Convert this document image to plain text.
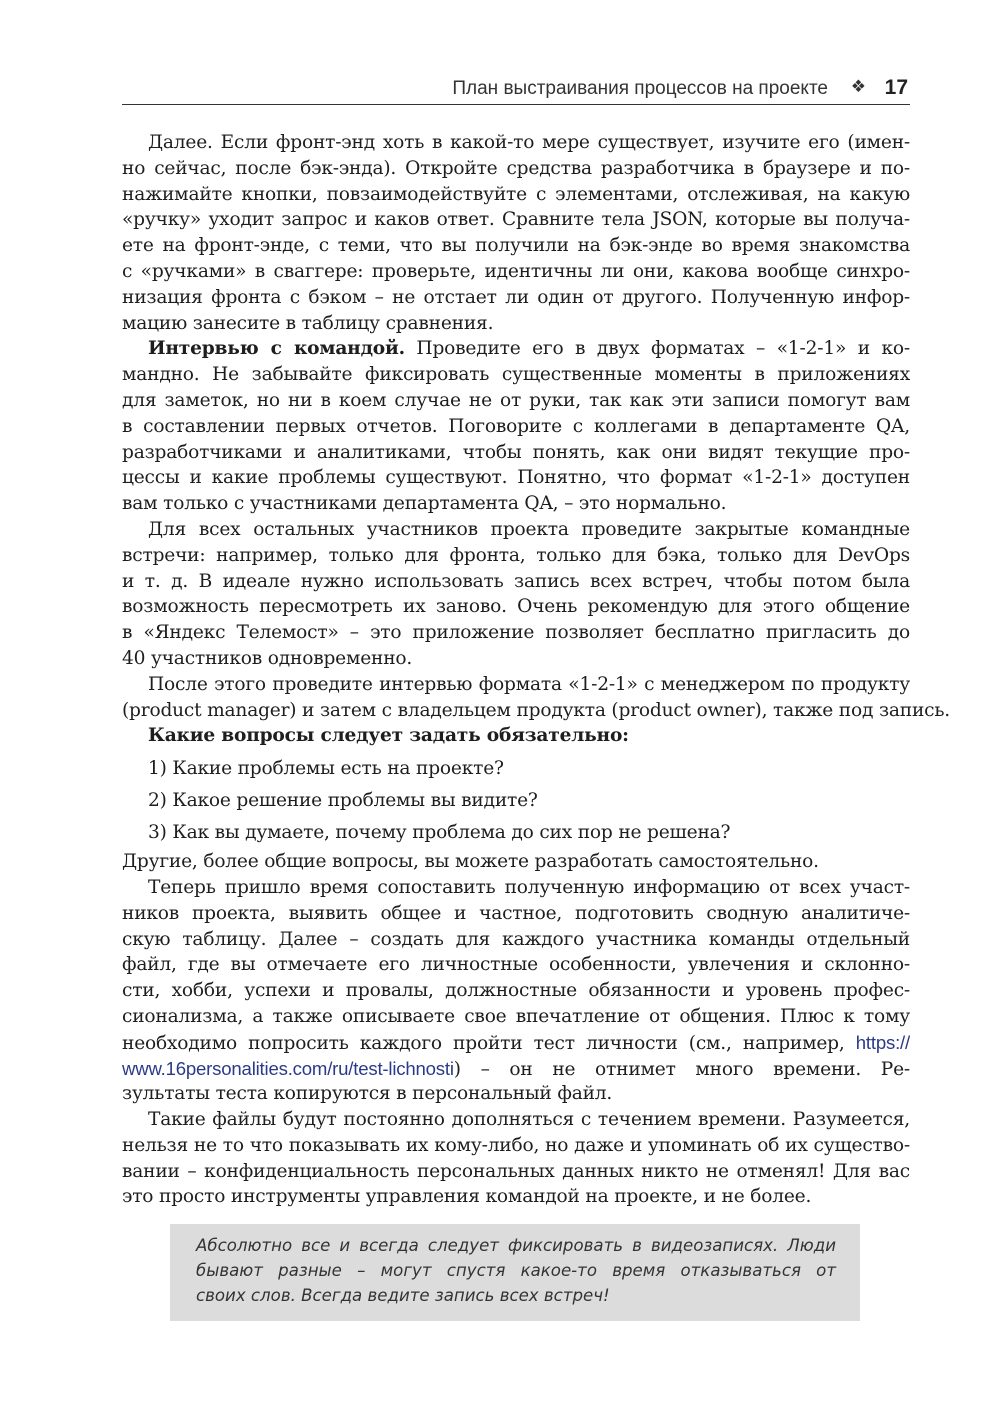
План выстраивания процессов на проекте ❖ 17
Далее. Если фронт-энд хоть в какой-то мере существует, изучите его (имен-
но сейчас, после бэк-энда). Откройте средства разработчика в браузере и по-
нажимайте кнопки, повзаимодействуйте с элементами, отслеживая, на какую
«ручку» уходит запрос и каков ответ. Сравните тела JSON, которые вы получа-
ете на фронт-энде, с теми, что вы получили на бэк-энде во время знакомства
с «ручками» в сваггере: проверьте, идентичны ли они, какова вообще синхро-
низация фронта с бэком – не отстает ли один от другого. Полученную инфор-
мацию занесите в таблицу сравнения.
Интервью с командой. Проведите его в двух форматах – «1-2-1» и ко-
мандно. Не забывайте фиксировать существенные моменты в приложениях
для заметок, но ни в коем случае не от руки, так как эти записи помогут вам
в составлении первых отчетов. Поговорите с коллегами в департаменте QA,
разработчиками и аналитиками, чтобы понять, как они видят текущие про-
цессы и какие проблемы существуют. Понятно, что формат «1-2-1» доступен
вам только с участниками департамента QA, – это нормально.
Для всех остальных участников проекта проведите закрытые командные
встречи: например, только для фронта, только для бэка, только для DevOps
и т. д. В идеале нужно использовать запись всех встреч, чтобы потом была
возможность пересмотреть их заново. Очень рекомендую для этого общение
в «Яндекс Телемост» – это приложение позволяет бесплатно пригласить до
40 участников одновременно.
После этого проведите интервью формата «1-2-1» с менеджером по продукту
(product manager) и затем с владельцем продукта (product owner), также под запись.
Какие вопросы следует задать обязательно:
1) Какие проблемы есть на проекте?
2) Какое решение проблемы вы видите?
3) Как вы думаете, почему проблема до сих пор не решена?
Другие, более общие вопросы, вы можете разработать самостоятельно.
Теперь пришло время сопоставить полученную информацию от всех участ-
ников проекта, выявить общее и частное, подготовить сводную аналитиче-
скую таблицу. Далее – создать для каждого участника команды отдельный
файл, где вы отмечаете его личностные особенности, увлечения и склонно-
сти, хобби, успехи и провалы, должностные обязанности и уровень профес-
сионализма, а также описываете свое впечатление от общения. Плюс к тому
необходимо попросить каждого пройти тест личности (см., например, https://
www.16personalities.com/ru/test-lichnosti) – он не отнимет много времени. Ре-
зультаты теста копируются в персональный файл.
Такие файлы будут постоянно дополняться с течением времени. Разумеется,
нельзя не то что показывать их кому-либо, но даже и упоминать об их существо-
вании – конфиденциальность персональных данных никто не отменял! Для вас
это просто инструменты управления командой на проекте, и не более.
Абсолютно все и всегда следует фиксировать в видеозаписях. Люди
бывают разные – могут спустя какое-то время отказываться от
своих слов. Всегда ведите запись всех встреч!
